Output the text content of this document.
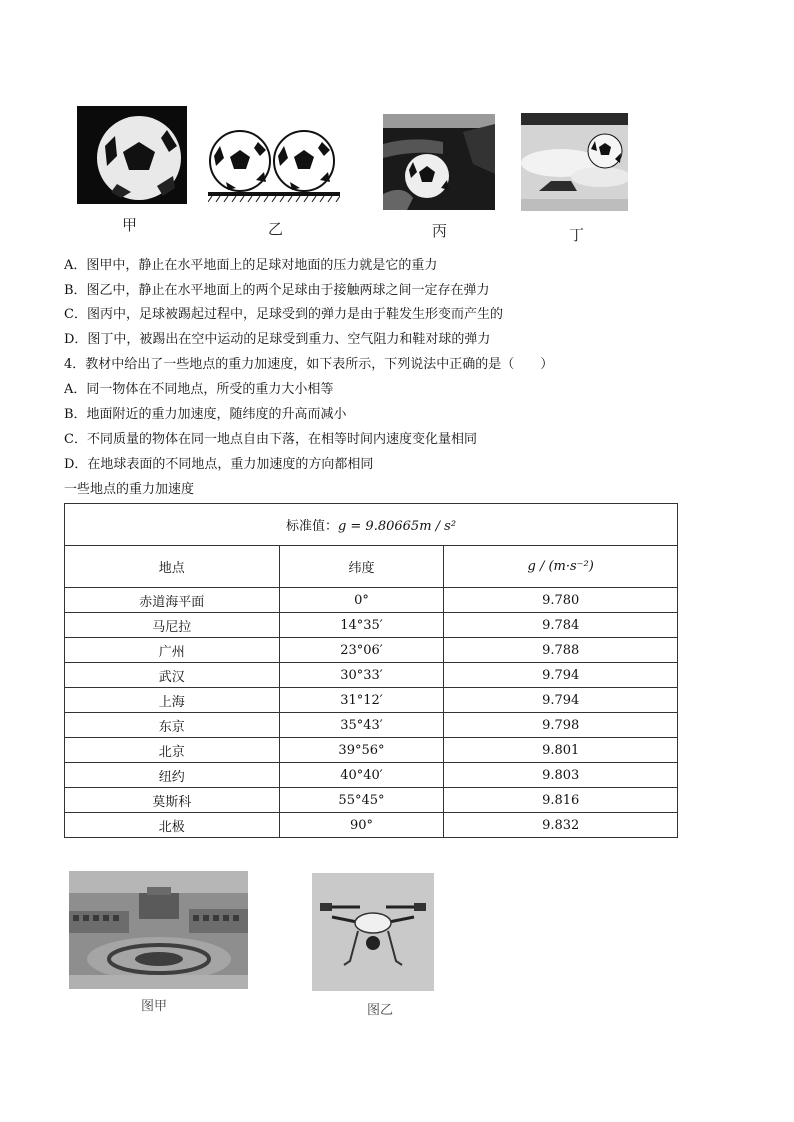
甲	乙	丙	丁
A．图甲中，静止在水平地面上的足球对地面的压力就是它的重力
B．图乙中，静止在水平地面上的两个足球由于接触两球之间一定存在弹力
C．图丙中，足球被踢起过程中，足球受到的弹力是由于鞋发生形变而产生的
D．图丁中，被踢出在空中运动的足球受到重力、空气阻力和鞋对球的弹力
4．教材中给出了一些地点的重力加速度，如下表所示，下列说法中正确的是（　　）
A．同一物体在不同地点，所受的重力大小相等
B．地面附近的重力加速度，随纬度的升高而减小
C．不同质量的物体在同一地点自由下落，在相等时间内速度变化量相同
D．在地球表面的不同地点，重力加速度的方向都相同
一些地点的重力加速度
标准值：g = 9.80665m / s²		
地点	纬度	g / (m·s⁻²)
赤道海平面	0°	9.780
马尼拉	14°35′	9.784
广州	23°06′	9.788
武汉	30°33′	9.794
上海	31°12′	9.794
东京	35°43′	9.798
北京	39°56°	9.801
纽约	40°40′	9.803
莫斯科	55°45°	9.816
北极	90°	9.832
图甲	图乙
